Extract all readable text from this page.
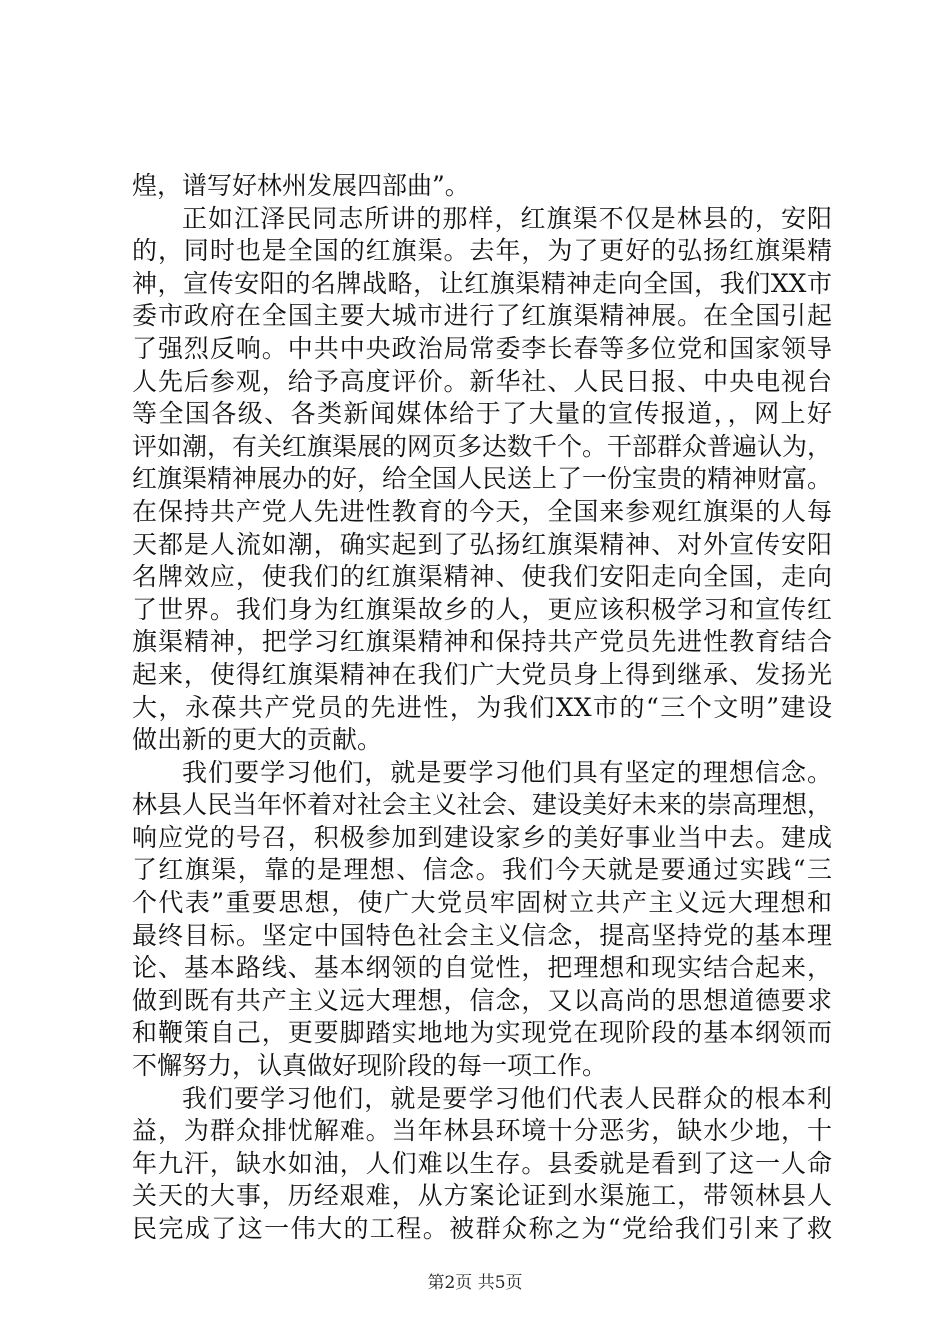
煌，谱写好林州发展四部曲”。
正如江泽民同志所讲的那样，红旗渠不仅是林县的，安阳
的，同时也是全国的红旗渠。去年，为了更好的弘扬红旗渠精
神，宣传安阳的名牌战略，让红旗渠精神走向全国，我们XX市
委市政府在全国主要大城市进行了红旗渠精神展。在全国引起
了强烈反响。中共中央政治局常委李长春等多位党和国家领导
人先后参观，给予高度评价。新华社、人民日报、中央电视台
等全国各级、各类新闻媒体给于了大量的宣传报道，，网上好
评如潮，有关红旗渠展的网页多达数千个。干部群众普遍认为，
红旗渠精神展办的好，给全国人民送上了一份宝贵的精神财富。
在保持共产党人先进性教育的今天，全国来参观红旗渠的人每
天都是人流如潮，确实起到了弘扬红旗渠精神、对外宣传安阳
名牌效应，使我们的红旗渠精神、使我们安阳走向全国，走向
了世界。我们身为红旗渠故乡的人，更应该积极学习和宣传红
旗渠精神，把学习红旗渠精神和保持共产党员先进性教育结合
起来，使得红旗渠精神在我们广大党员身上得到继承、发扬光
大，永葆共产党员的先进性，为我们XX市的“三个文明”建设
做出新的更大的贡献。
我们要学习他们，就是要学习他们具有坚定的理想信念。
林县人民当年怀着对社会主义社会、建设美好未来的崇高理想，
响应党的号召，积极参加到建设家乡的美好事业当中去。建成
了红旗渠，靠的是理想、信念。我们今天就是要通过实践“三
个代表”重要思想，使广大党员牢固树立共产主义远大理想和
最终目标。坚定中国特色社会主义信念，提高坚持党的基本理
论、基本路线、基本纲领的自觉性，把理想和现实结合起来，
做到既有共产主义远大理想，信念，又以高尚的思想道德要求
和鞭策自己，更要脚踏实地地为实现党在现阶段的基本纲领而
不懈努力，认真做好现阶段的每一项工作。
我们要学习他们，就是要学习他们代表人民群众的根本利
益，为群众排忧解难。当年林县环境十分恶劣，缺水少地，十
年九汗，缺水如油，人们难以生存。县委就是看到了这一人命
关天的大事，历经艰难，从方案论证到水渠施工，带领林县人
民完成了这一伟大的工程。被群众称之为“党给我们引来了救
第2页 共5页
